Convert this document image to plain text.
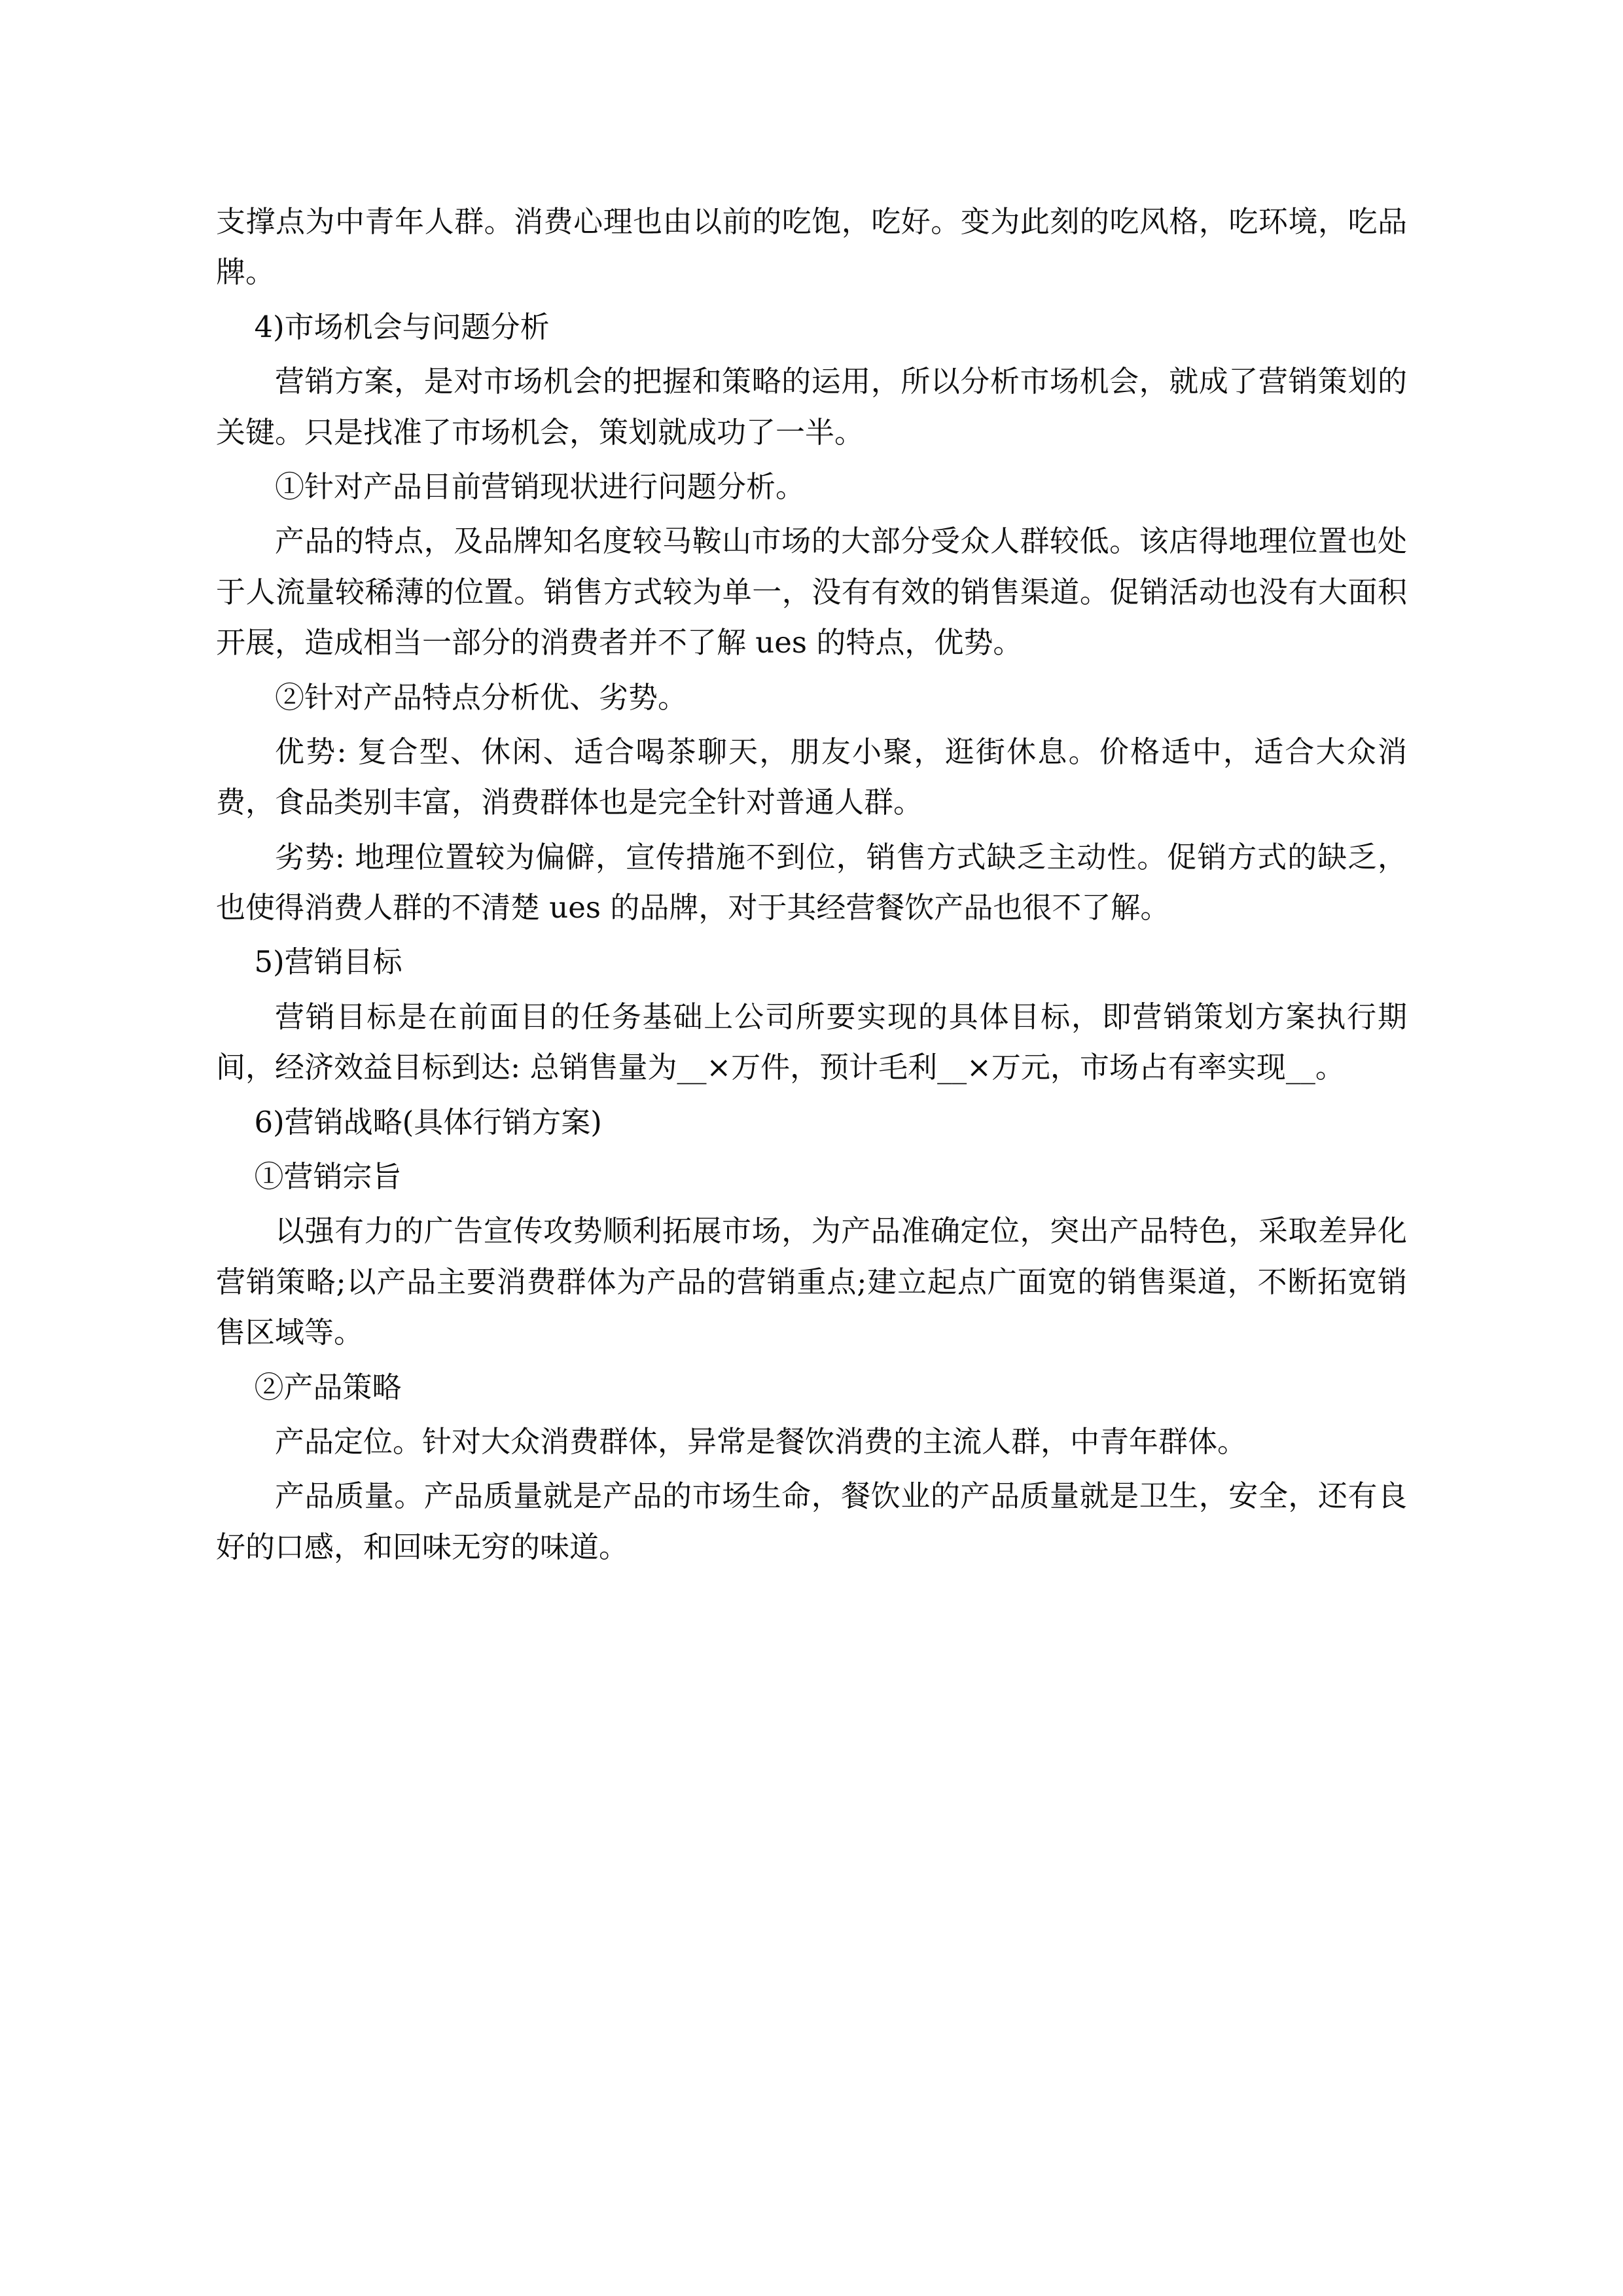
支撑点为中青年人群。消费心理也由以前的吃饱，吃好。变为此刻的吃风格，吃环境，吃品牌。

4)市场机会与问题分析

营销方案，是对市场机会的把握和策略的运用，所以分析市场机会，就成了营销策划的关键。只是找准了市场机会，策划就成功了一半。

①针对产品目前营销现状进行问题分析。

产品的特点，及品牌知名度较马鞍山市场的大部分受众人群较低。该店得地理位置也处于人流量较稀薄的位置。销售方式较为单一，没有有效的销售渠道。促销活动也没有大面积开展，造成相当一部分的消费者并不了解 ues 的特点，优势。

②针对产品特点分析优、劣势。

优势: 复合型、休闲、适合喝茶聊天，朋友小聚，逛街休息。价格适中，适合大众消费，食品类别丰富，消费群体也是完全针对普通人群。

劣势: 地理位置较为偏僻，宣传措施不到位，销售方式缺乏主动性。促销方式的缺乏，也使得消费人群的不清楚 ues 的品牌，对于其经营餐饮产品也很不了解。

5)营销目标

营销目标是在前面目的任务基础上公司所要实现的具体目标，即营销策划方案执行期间，经济效益目标到达: 总销售量为__×万件，预计毛利__×万元，市场占有率实现__。

6)营销战略(具体行销方案)

①营销宗旨

以强有力的广告宣传攻势顺利拓展市场，为产品准确定位，突出产品特色，采取差异化营销策略;以产品主要消费群体为产品的营销重点;建立起点广面宽的销售渠道，不断拓宽销售区域等。

②产品策略

产品定位。针对大众消费群体，异常是餐饮消费的主流人群，中青年群体。

产品质量。产品质量就是产品的市场生命，餐饮业的产品质量就是卫生，安全，还有良好的口感，和回味无穷的味道。
